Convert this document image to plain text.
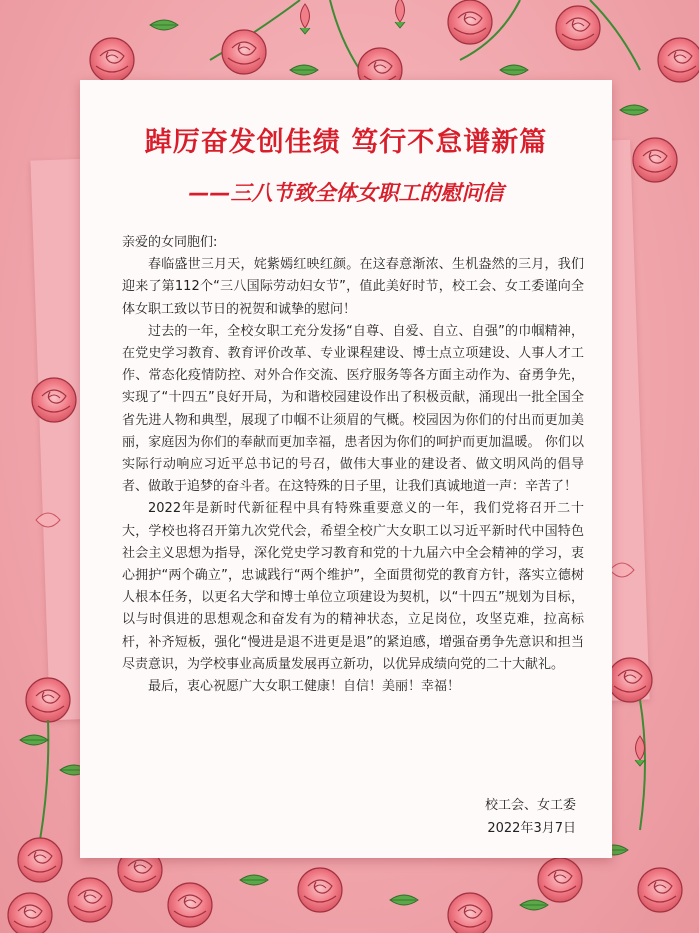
踔厉奋发创佳绩 笃行不怠谱新篇
——三八节致全体女职工的慰问信

亲爱的女同胞们:

春临盛世三月天，姹紫嫣红映红颜。在这春意渐浓、生机盎然的三月，我们迎来了第112个“三八国际劳动妇女节”，值此美好时节，校工会、女工委谨向全体女职工致以节日的祝贺和诚挚的慰问！

过去的一年，全校女职工充分发扬“自尊、自爱、自立、自强”的巾帼精神，在党史学习教育、教育评价改革、专业课程建设、博士点立项建设、人事人才工作、常态化疫情防控、对外合作交流、医疗服务等各方面主动作为、奋勇争先，实现了“十四五”良好开局，为和谐校园建设作出了积极贡献，涌现出一批全国全省先进人物和典型，展现了巾帼不让须眉的气概。校园因为你们的付出而更加美丽，家庭因为你们的奉献而更加幸福，患者因为你们的呵护而更加温暖。 你们以实际行动响应习近平总书记的号召，做伟大事业的建设者、做文明风尚的倡导者、做敢于追梦的奋斗者。在这特殊的日子里，让我们真诚地道一声：辛苦了！

2022年是新时代新征程中具有特殊重要意义的一年，我们党将召开二十大，学校也将召开第九次党代会，希望全校广大女职工以习近平新时代中国特色社会主义思想为指导，深化党史学习教育和党的十九届六中全会精神的学习，衷心拥护“两个确立”，忠诚践行“两个维护”，全面贯彻党的教育方针，落实立德树人根本任务，以更名大学和博士单位立项建设为契机，以“十四五”规划为目标，以与时俱进的思想观念和奋发有为的精神状态，立足岗位，攻坚克难，拉高标杆，补齐短板，强化“慢进是退不进更是退”的紧迫感，增强奋勇争先意识和担当尽责意识，为学校事业高质量发展再立新功，以优异成绩向党的二十大献礼。

最后，衷心祝愿广大女职工健康！自信！美丽！幸福！

校工会、女工委
2022年3月7日
